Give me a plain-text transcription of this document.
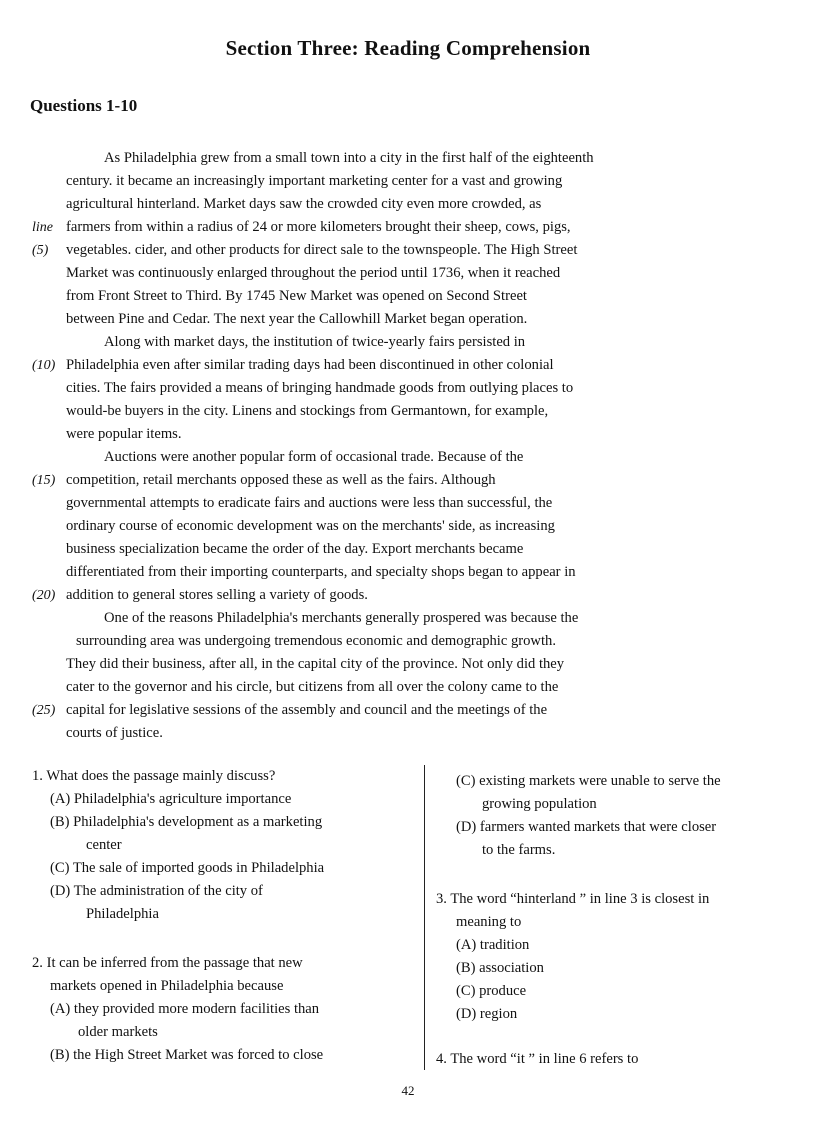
Section Three: Reading Comprehension
Questions 1-10
As Philadelphia grew from a small town into a city in the first half of the eighteenth
century. it became an increasingly important marketing center for a vast and growing
agricultural hinterland. Market days saw the crowded city even more crowded, as
farmers from within a radius of 24 or more kilometers brought their sheep, cows, pigs,
vegetables. cider, and other products for direct sale to the townspeople. The High Street
Market was continuously enlarged throughout the period until 1736, when it reached
from Front Street to Third. By 1745 New Market was opened on Second Street
between Pine and Cedar. The next year the Callowhill Market began operation.
Along with market days, the institution of twice-yearly fairs persisted in
Philadelphia even after similar trading days had been discontinued in other colonial
cities. The fairs provided a means of bringing handmade goods from outlying places to
would-be buyers in the city. Linens and stockings from Germantown, for example,
were popular items.
Auctions were another popular form of occasional trade. Because of the
competition, retail merchants opposed these as well as the fairs. Although
governmental attempts to eradicate fairs and auctions were less than successful, the
ordinary course of economic development was on the merchants' side, as increasing
business specialization became the order of the day. Export merchants became
differentiated from their importing counterparts, and specialty shops began to appear in
addition to general stores selling a variety of goods.
One of the reasons Philadelphia's merchants generally prospered was because the
surrounding area was undergoing tremendous economic and demographic growth.
They did their business, after all, in the capital city of the province. Not only did they
cater to the governor and his circle, but citizens from all over the colony came to the
capital for legislative sessions of the assembly and council and the meetings of the
courts of justice.
line
(5)
(10)
(15)
(20)
(25)
1. What does the passage mainly discuss?
(A) Philadelphia's agriculture importance
(B) Philadelphia's development as a marketing
center
(C) The sale of imported goods in Philadelphia
(D) The administration of the city of
Philadelphia
2. It can be inferred from the passage that new
markets opened in Philadelphia because
(A) they provided more modern facilities than
older markets
(B) the High Street Market was forced to close
(C) existing markets were unable to serve the
growing population
(D) farmers wanted markets that were closer
to the farms.
3. The word “hinterland ” in line 3 is closest in
meaning to
(A) tradition
(B) association
(C) produce
(D) region
4. The word “it ” in line 6 refers to
42
